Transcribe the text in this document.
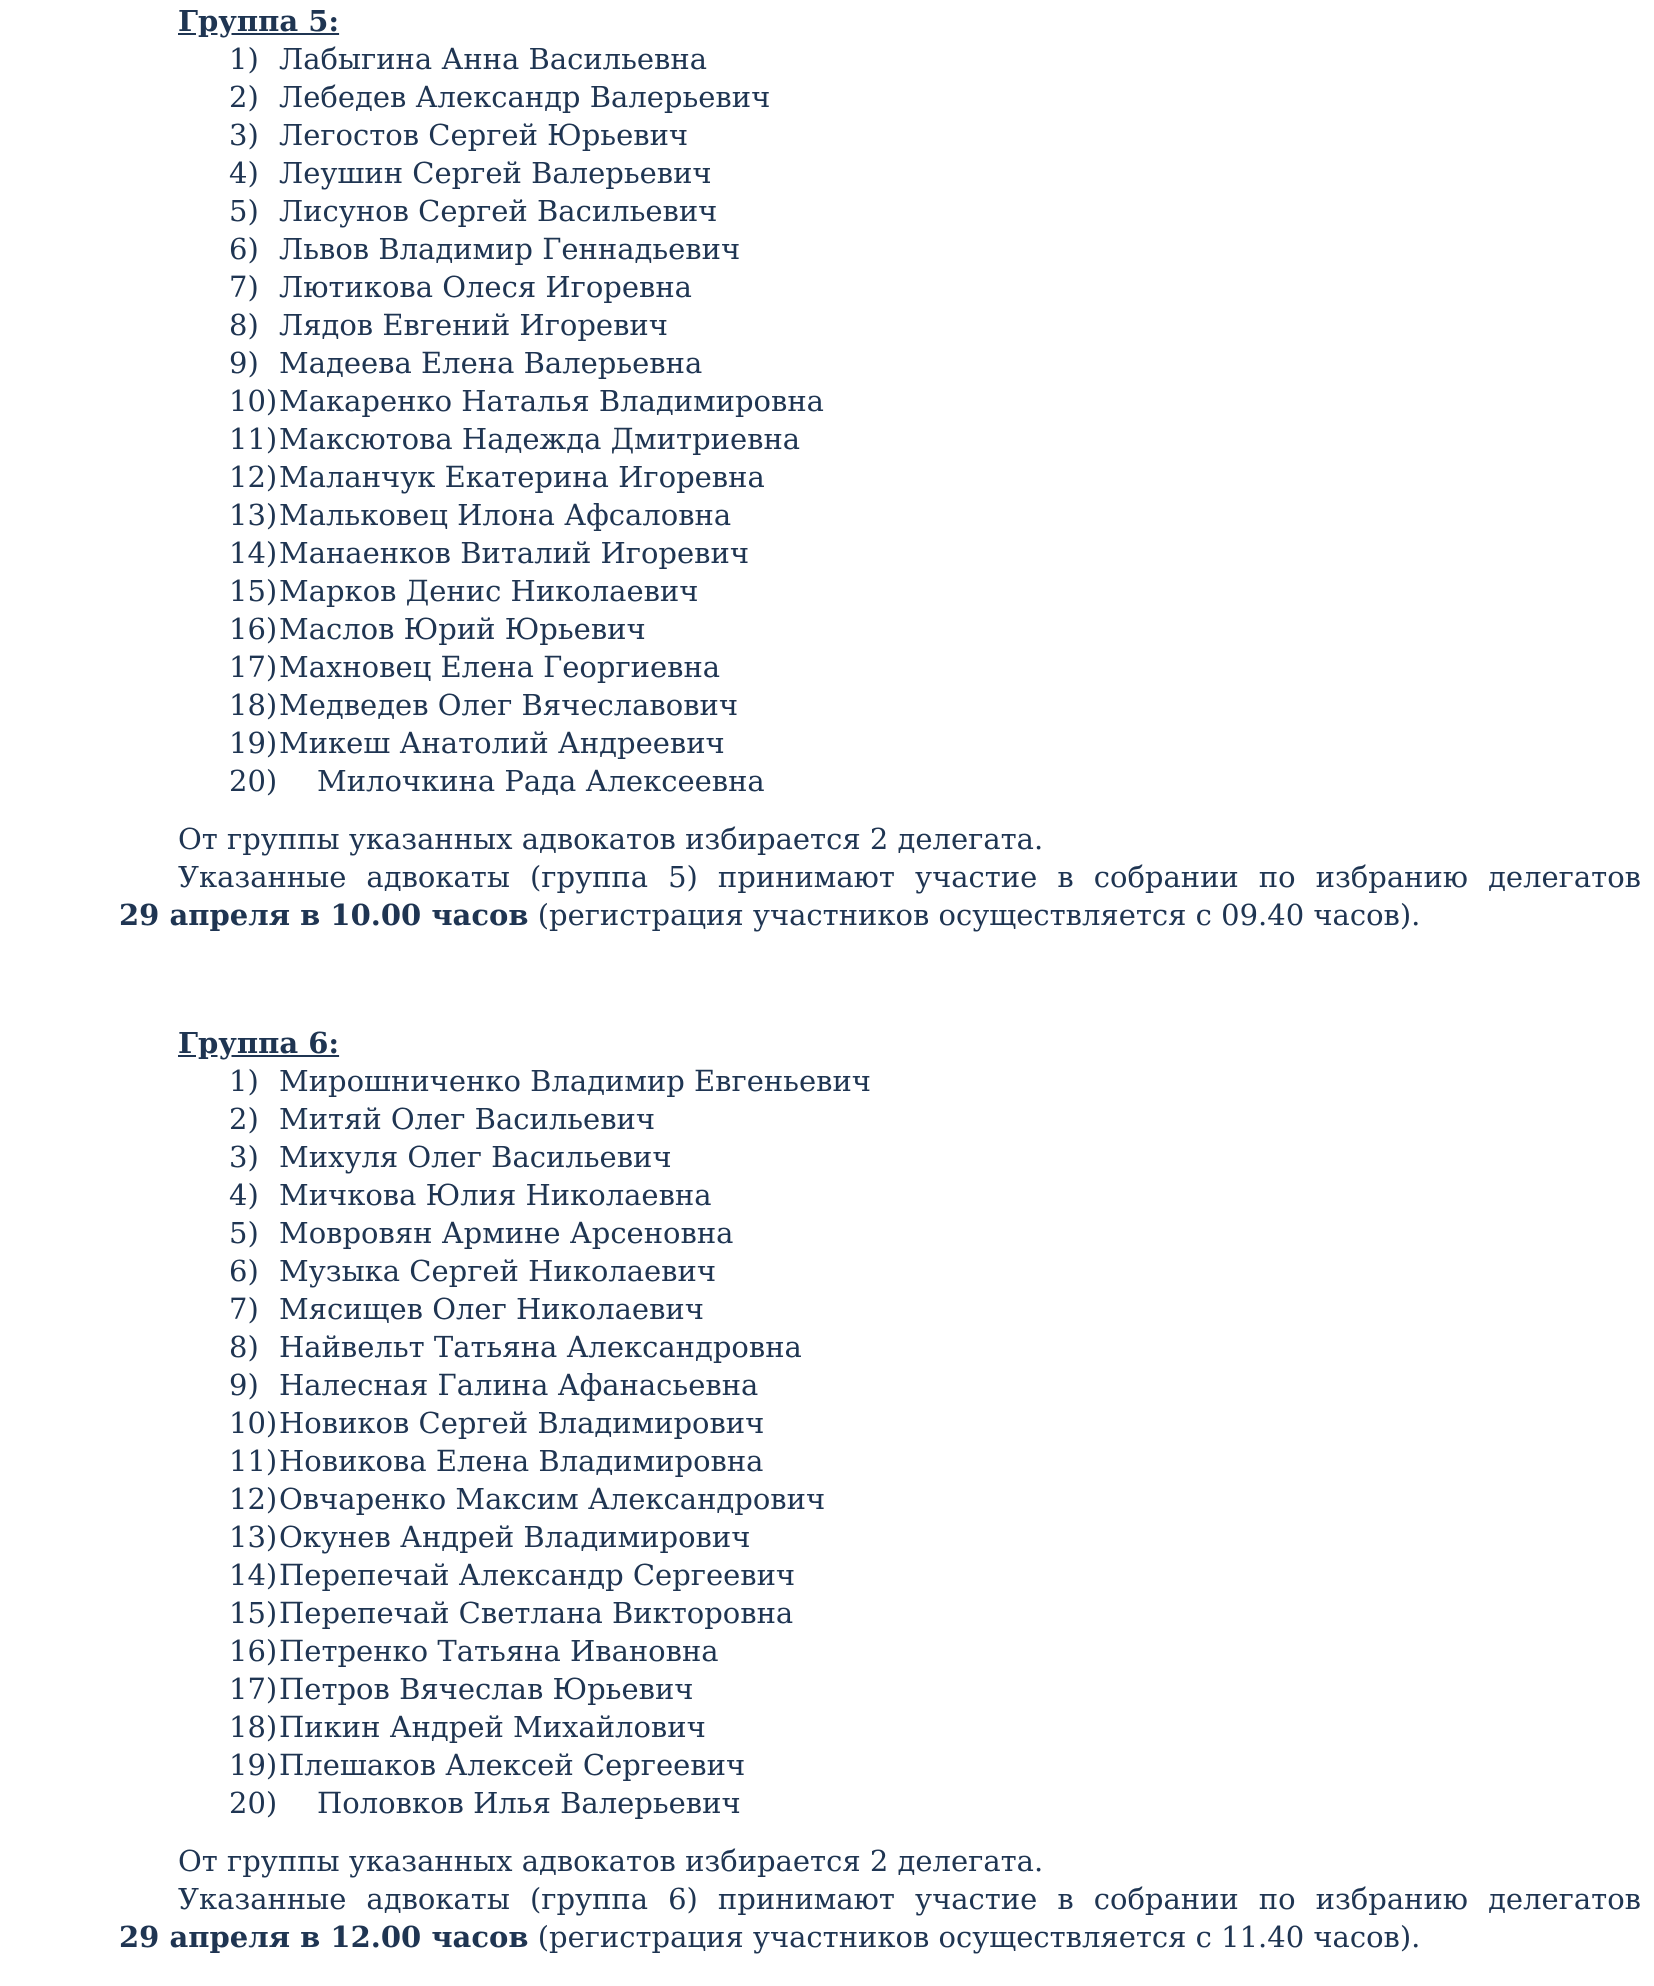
Группа 5:
1) Лабыгина Анна Васильевна
2) Лебедев Александр Валерьевич
3) Легостов Сергей Юрьевич
4) Леушин Сергей Валерьевич
5) Лисунов Сергей Васильевич
6) Львов Владимир Геннадьевич
7) Лютикова Олеся Игоревна
8) Лядов Евгений Игоревич
9) Мадеева Елена Валерьевна
10) Макаренко Наталья Владимировна
11) Максютова Надежда Дмитриевна
12) Маланчук Екатерина Игоревна
13) Мальковец Илона Афсаловна
14) Манаенков Виталий Игоревич
15) Марков Денис Николаевич
16) Маслов Юрий Юрьевич
17) Махновец Елена Георгиевна
18) Медведев Олег Вячеславович
19) Микеш Анатолий Андреевич
20) Милочкина Рада Алексеевна
От группы указанных адвокатов избирается 2 делегата.
Указанные адвокаты (группа 5) принимают участие в собрании по избранию делегатов
29 апреля в 10.00 часов (регистрация участников осуществляется с 09.40 часов).
Группа 6:
1) Мирошниченко Владимир Евгеньевич
2) Митяй Олег Васильевич
3) Михуля Олег Васильевич
4) Мичкова Юлия Николаевна
5) Мовровян Армине Арсеновна
6) Музыка Сергей Николаевич
7) Мясищев Олег Николаевич
8) Найвельт Татьяна Александровна
9) Налесная Галина Афанасьевна
10) Новиков Сергей Владимирович
11) Новикова Елена Владимировна
12) Овчаренко Максим Александрович
13) Окунев Андрей Владимирович
14) Перепечай Александр Сергеевич
15) Перепечай Светлана Викторовна
16) Петренко Татьяна Ивановна
17) Петров Вячеслав Юрьевич
18) Пикин Андрей Михайлович
19) Плешаков Алексей Сергеевич
20) Половков Илья Валерьевич
От группы указанных адвокатов избирается 2 делегата.
Указанные адвокаты (группа 6) принимают участие в собрании по избранию делегатов
29 апреля в 12.00 часов (регистрация участников осуществляется с 11.40 часов).
